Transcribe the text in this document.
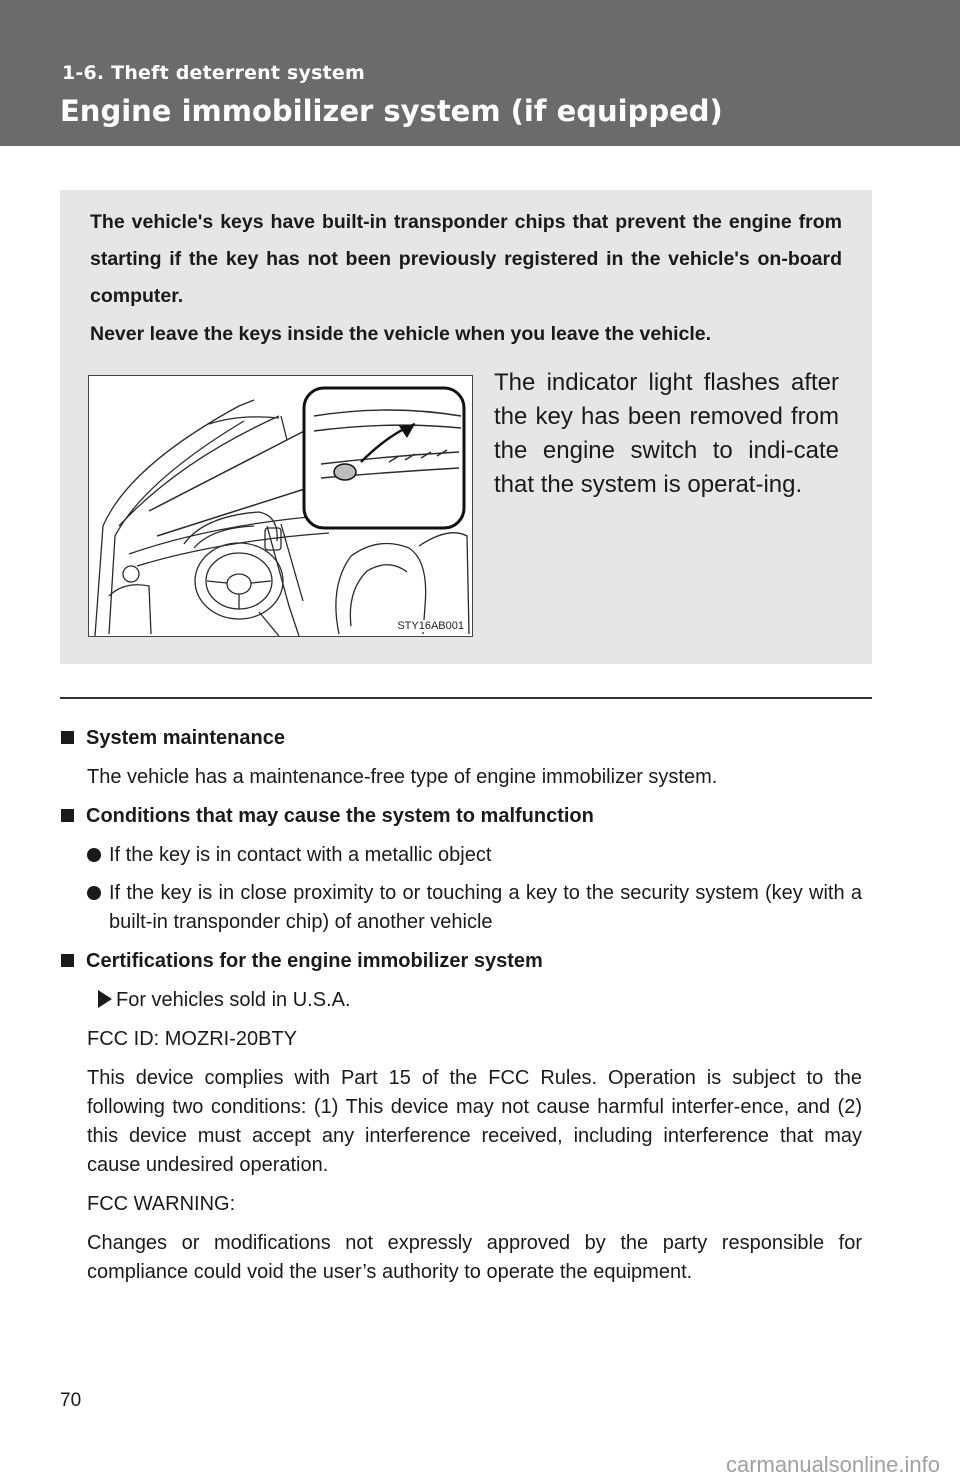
1-6. Theft deterrent system
Engine immobilizer system (if equipped)

The vehicle's keys have built-in transponder chips that prevent the engine from starting if the key has not been previously registered in the vehicle's on-board computer.

Never leave the keys inside the vehicle when you leave the vehicle.

STY16AB001
The indicator light flashes after the key has been removed from the engine switch to indi-cate that the system is operat-ing.
System maintenance
The vehicle has a maintenance-free type of engine immobilizer system.
Conditions that may cause the system to malfunction
If the key is in contact with a metallic object
If the key is in close proximity to or touching a key to the security system (key with a built-in transponder chip) of another vehicle
Certifications for the engine immobilizer system
For vehicles sold in U.S.A.
FCC ID: MOZRI-20BTY
This device complies with Part 15 of the FCC Rules. Operation is subject to the following two conditions: (1) This device may not cause harmful interfer-ence, and (2) this device must accept any interference received, including interference that may cause undesired operation.
FCC WARNING:
Changes or modifications not expressly approved by the party responsible for compliance could void the user’s authority to operate the equipment.
70
carmanualsonline.info
